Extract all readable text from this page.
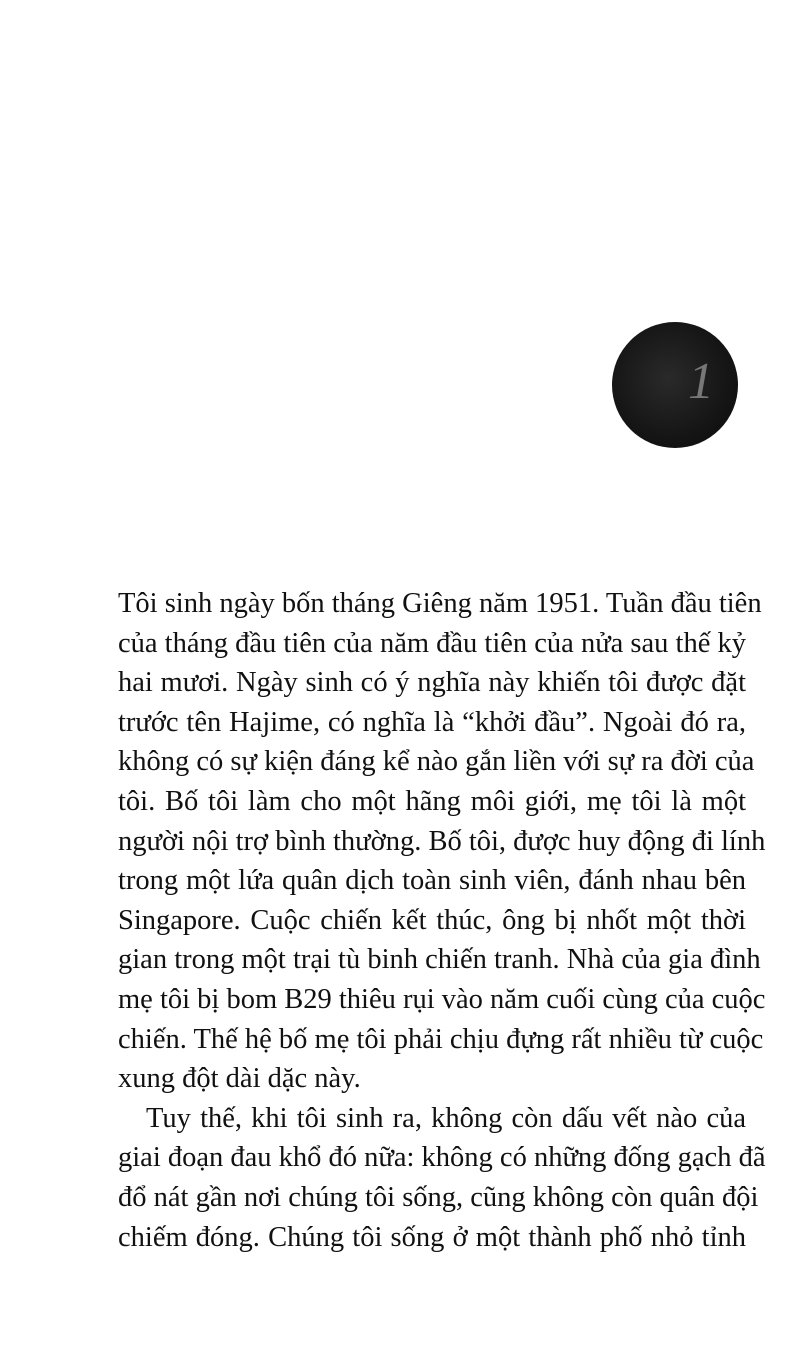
1
Tôi sinh ngày bốn tháng Giêng năm 1951. Tuần đầu tiên
của tháng đầu tiên của năm đầu tiên của nửa sau thế kỷ
hai mươi. Ngày sinh có ý nghĩa này khiến tôi được đặt
trước tên Hajime, có nghĩa là “khởi đầu”. Ngoài đó ra,
không có sự kiện đáng kể nào gắn liền với sự ra đời của
tôi. Bố tôi làm cho một hãng môi giới, mẹ tôi là một
người nội trợ bình thường. Bố tôi, được huy động đi lính
trong một lứa quân dịch toàn sinh viên, đánh nhau bên
Singapore. Cuộc chiến kết thúc, ông bị nhốt một thời
gian trong một trại tù binh chiến tranh. Nhà của gia đình
mẹ tôi bị bom B29 thiêu rụi vào năm cuối cùng của cuộc
chiến. Thế hệ bố mẹ tôi phải chịu đựng rất nhiều từ cuộc
xung đột dài dặc này.
Tuy thế, khi tôi sinh ra, không còn dấu vết nào của
giai đoạn đau khổ đó nữa: không có những đống gạch đã
đổ nát gần nơi chúng tôi sống, cũng không còn quân đội
chiếm đóng. Chúng tôi sống ở một thành phố nhỏ tỉnh
